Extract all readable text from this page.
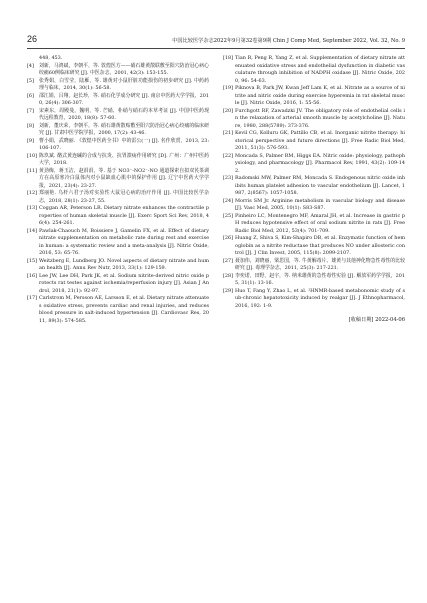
26	中国比较医学杂志2022年9月第32卷第9期 Chin J Comp Med, September 2022, Vol. 32, No. 9

448, 453.

[4] 刘新，马鸿斌，李朝平，等. 敦煌医方——硝石雄黄散联敷至阳穴防治冠心病心绞痛60例临床研究 [J]. 中医杂志，2001, 42(3): 153-155.

[5] 张秀娟，白雪莹，陆雁，等. 雄黄对小鼠肝脏功能损伤的初步研究 [J]. 中药药理与临床，2014, 30(1): 56-58.

[6] 邵江娟，吕翔，赵长珍，等. 硝石化学成分研究 [J]. 南京中医药大学学报，2010, 26(4): 306-307.

[7] 宋素东，周殿曼，魏明，等. 芒硝、朴硝与硝石的本草考证 [J]. 中国中医药现代远程教育，2020, 18(8): 57-60.

[8] 刘新，董庆荣，李朝平，等. 硝石雄黄散贴敷至阳穴防治冠心病心绞痛的临床研究 [J]. 甘肃中医学院学报，2000, 17(2): 43-46.

[9] 曹小娟，武晓丽. 《敦煌中医药全书》中的雷公(一) [J]. 名作欣赏，2013, 23: 106-107.

[10] 陈玖斌. 酪式黄连碱的合成与抗炎、抗胃溃疡作用研究 [D]. 广州：广州中医药大学，2018.

[11] 黄劲梅，蒋玉洁，赵涓涓，等. 基于 NO3⁻-NO2⁻-NO 通道探索自拟双芪茶调方在高原寒冷白鼠体内对小鼠缺血心肌中的保护作用 [J]. 辽宁中医药大学学报，2021, 23(4): 23-27.

[12] 郑丽艳. 乌杆六君子汤对实验性大鼠冠心病的治疗作用 [J]. 中国比较医学杂志，2018, 28(1): 23-27, 55.

[13] Coggan AR, Peterson LR. Dietary nitrate enhances the contractile properties of human skeletal muscle [J]. Exerc Sport Sci Rev, 2018, 46(4): 254-261.

[14] Pawlak-Chaouch M, Boissiere J, Gamelin FX, et al. Effect of dietary nitrate supplementation on metabolic rate during rest and exercise in human: a systematic review and a meta-analysis [J]. Nitric Oxide, 2016, 53: 65-76.

[15] Weitzberg E, Lundberg JO. Novel aspects of dietary nitrate and human health [J]. Annu Rev Nutr, 2013, 33(1): 129-159.

[16] Lee JW, Lee DH, Park JK, et al. Sodium nitrite-derived nitric oxide protects rat testes against ischemia/reperfusion injury [J]. Asian J Androl, 2018, 21(1): 92-97.

[17] Carlstrom M, Persson AE, Larsson E, et al. Dietary nitrate attenuates oxidative stress, prevents cardiac and renal injuries, and reduces blood pressure in salt-induced hypertension [J]. Cardiovasc Res, 2011, 89(3): 574-585.

[18] Tian R, Peng R, Yang Z, et al. Supplementation of dietary nitrate attenuated oxidative stress and endothelial dysfunction in diabetic vasculature through inhibition of NADPH oxidase [J]. Nitric Oxide, 2020, 96: 54-63.

[19] Piknova B, Park JW, Kwan Jeff Lam K, et al. Nitrate as a source of nitrite and nitric oxide during exercise hyperemia in rat skeletal muscle [J]. Nitric Oxide, 2016, 1: 55-56.

[20] Furchgott RF, Zawadzki JV. The obligatory role of endothelial cells in the relaxation of arterial smooth muscle by acetylcholine [J]. Nature, 1980, 288(5789): 373-376.

[21] Kevil CG, Kolluru GK, Pattillo CB, et al. Inorganic nitrite therapy: historical perspective and future directions [J]. Free Radic Biol Med, 2011, 51(3): 576-593.

[22] Moncada S, Palmer RM, Higgs EA. Nitric oxide: physiology, pathophysiology, and pharmacology [J]. Pharmacol Rev, 1991, 43(2): 109-142.

[23] Radomski MW, Palmer RM, Moncada S. Endogenous nitric oxide inhibits human platelet adhesion to vascular endothelium [J]. Lancet, 1987, 2(8567): 1057-1058.

[24] Morris SM Jr. Arginine metabolism in vascular biology and disease [J]. Vasc Med, 2005, 10(1): S83-S87.

[25] Pinheiro LC, Montenegro MF, Amaral JH, et al. Increase in gastric pH reduces hypotensive effect of oral sodium nitrite in rats [J]. Free Radic Biol Med, 2012, 53(4): 701-709.

[26] Huang Z, Shiva S, Kim-Shapiro DB, et al. Enzymatic function of hemoglobin as a nitrite reductase that produces NO under allosteric control [J]. J Clin Invest, 2005, 115(8): 2099-2107.

[27] 聂加伟，刘晓丽，梁思国，等. 牛黄解毒片、雄黄与其他神化物急性毒性的比较研究 [J]. 毒理学杂志，2011, 25(3): 217-221.

[28] 李奕诺，田野，赵宇，等. 纳米雄黄的急性毒性实验 [J]. 解放军药学学报，2015, 31(1): 13-16.

[29] Huo T, Fang Y, Zhao L, et al. ¹HNMR-based metabonomic study of sub-chronic hepatotoxicity induced by realgar [J]. J Ethnopharmacol, 2016, 192: 1-9.

[收稿日期] 2022-04-06
